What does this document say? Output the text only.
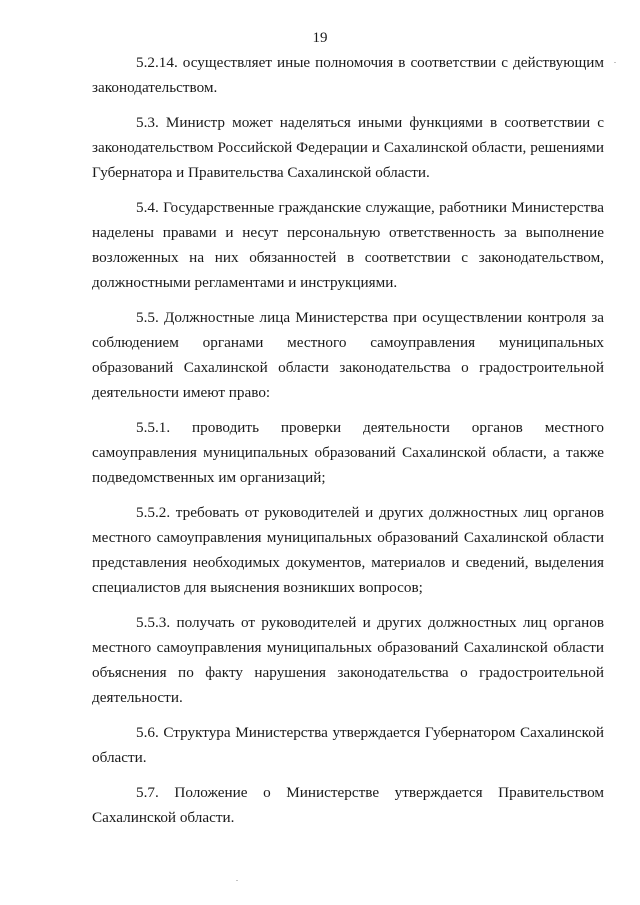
19

5.2.14. осуществляет иные полномочия в соответствии с действующим законодательством.

5.3. Министр может наделяться иными функциями в соответствии с законодательством Российской Федерации и Сахалинской области, решениями Губернатора и Правительства Сахалинской области.

5.4. Государственные гражданские служащие, работники Министерства наделены правами и несут персональную ответственность за выполнение возложенных на них обязанностей в соответствии с законодательством, должностными регламентами и инструкциями.

5.5. Должностные лица Министерства при осуществлении контроля за соблюдением органами местного самоуправления муниципальных образований Сахалинской области законодательства о градостроительной деятельности имеют право:

5.5.1. проводить проверки деятельности органов местного самоуправления муниципальных образований Сахалинской области, а также подведомственных им организаций;

5.5.2. требовать от руководителей и других должностных лиц органов местного самоуправления муниципальных образований Сахалинской области представления необходимых документов, материалов и сведений, выделения специалистов для выяснения возникших вопросов;

5.5.3. получать от руководителей и других должностных лиц органов местного самоуправления муниципальных образований Сахалинской области объяснения по факту нарушения законодательства о градостроительной деятельности.

5.6. Структура Министерства утверждается Губернатором Сахалинской области.

5.7. Положение о Министерстве утверждается Правительством Сахалинской области.
